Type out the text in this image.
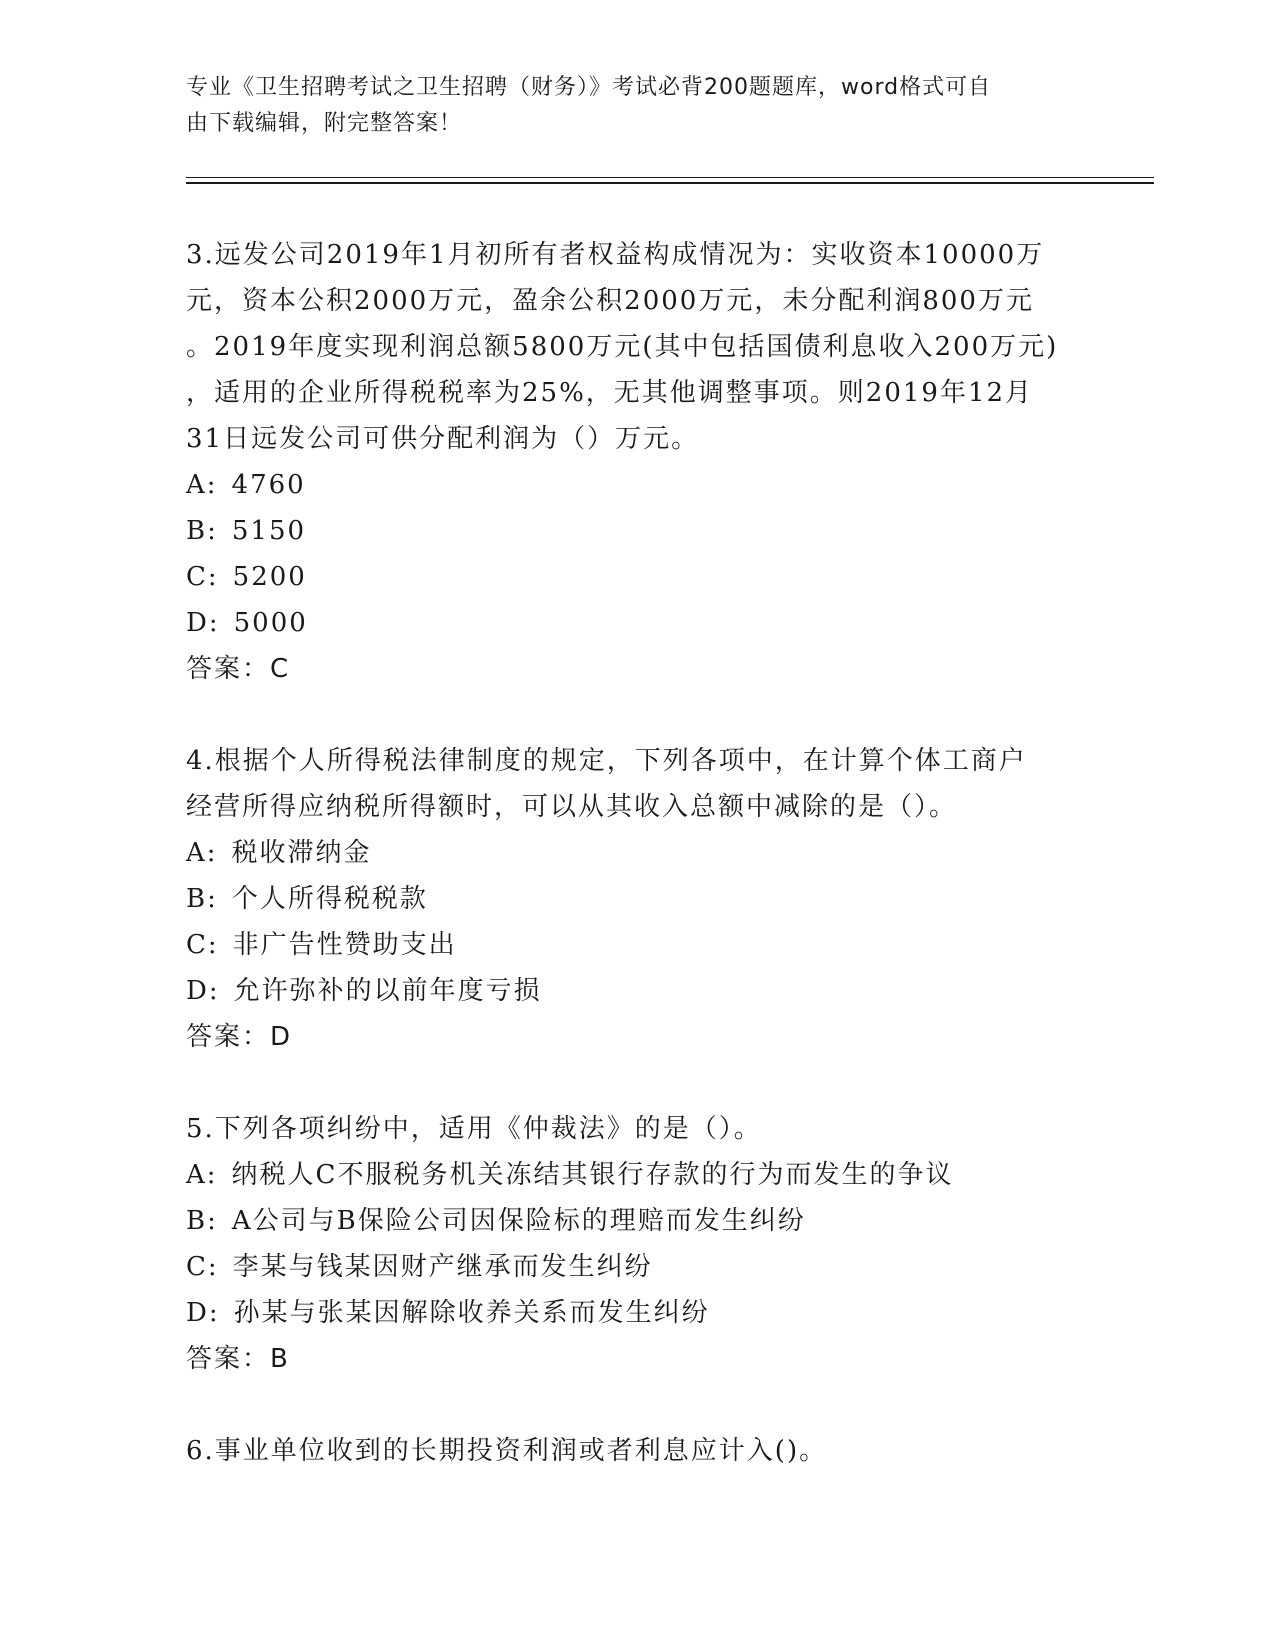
专业《卫生招聘考试之卫生招聘（财务）》考试必背200题题库，word格式可自
由下载编辑，附完整答案！
3.远发公司2019年1月初所有者权益构成情况为：实收资本10000万
元，资本公积2000万元，盈余公积2000万元，未分配利润800万元
。2019年度实现利润总额5800万元(其中包括国债利息收入200万元)
，适用的企业所得税税率为25%，无其他调整事项。则2019年12月
31日远发公司可供分配利润为（）万元。
A: 4760
B: 5150
C: 5200
D: 5000
答案：C
4.根据个人所得税法律制度的规定，下列各项中，在计算个体工商户
经营所得应纳税所得额时，可以从其收入总额中减除的是（）。
A: 税收滞纳金
B: 个人所得税税款
C: 非广告性赞助支出
D: 允许弥补的以前年度亏损
答案：D
5.下列各项纠纷中，适用《仲裁法》的是（）。
A: 纳税人C不服税务机关冻结其银行存款的行为而发生的争议
B: A公司与B保险公司因保险标的理赔而发生纠纷
C: 李某与钱某因财产继承而发生纠纷
D: 孙某与张某因解除收养关系而发生纠纷
答案：B
6.事业单位收到的长期投资利润或者利息应计入()。
